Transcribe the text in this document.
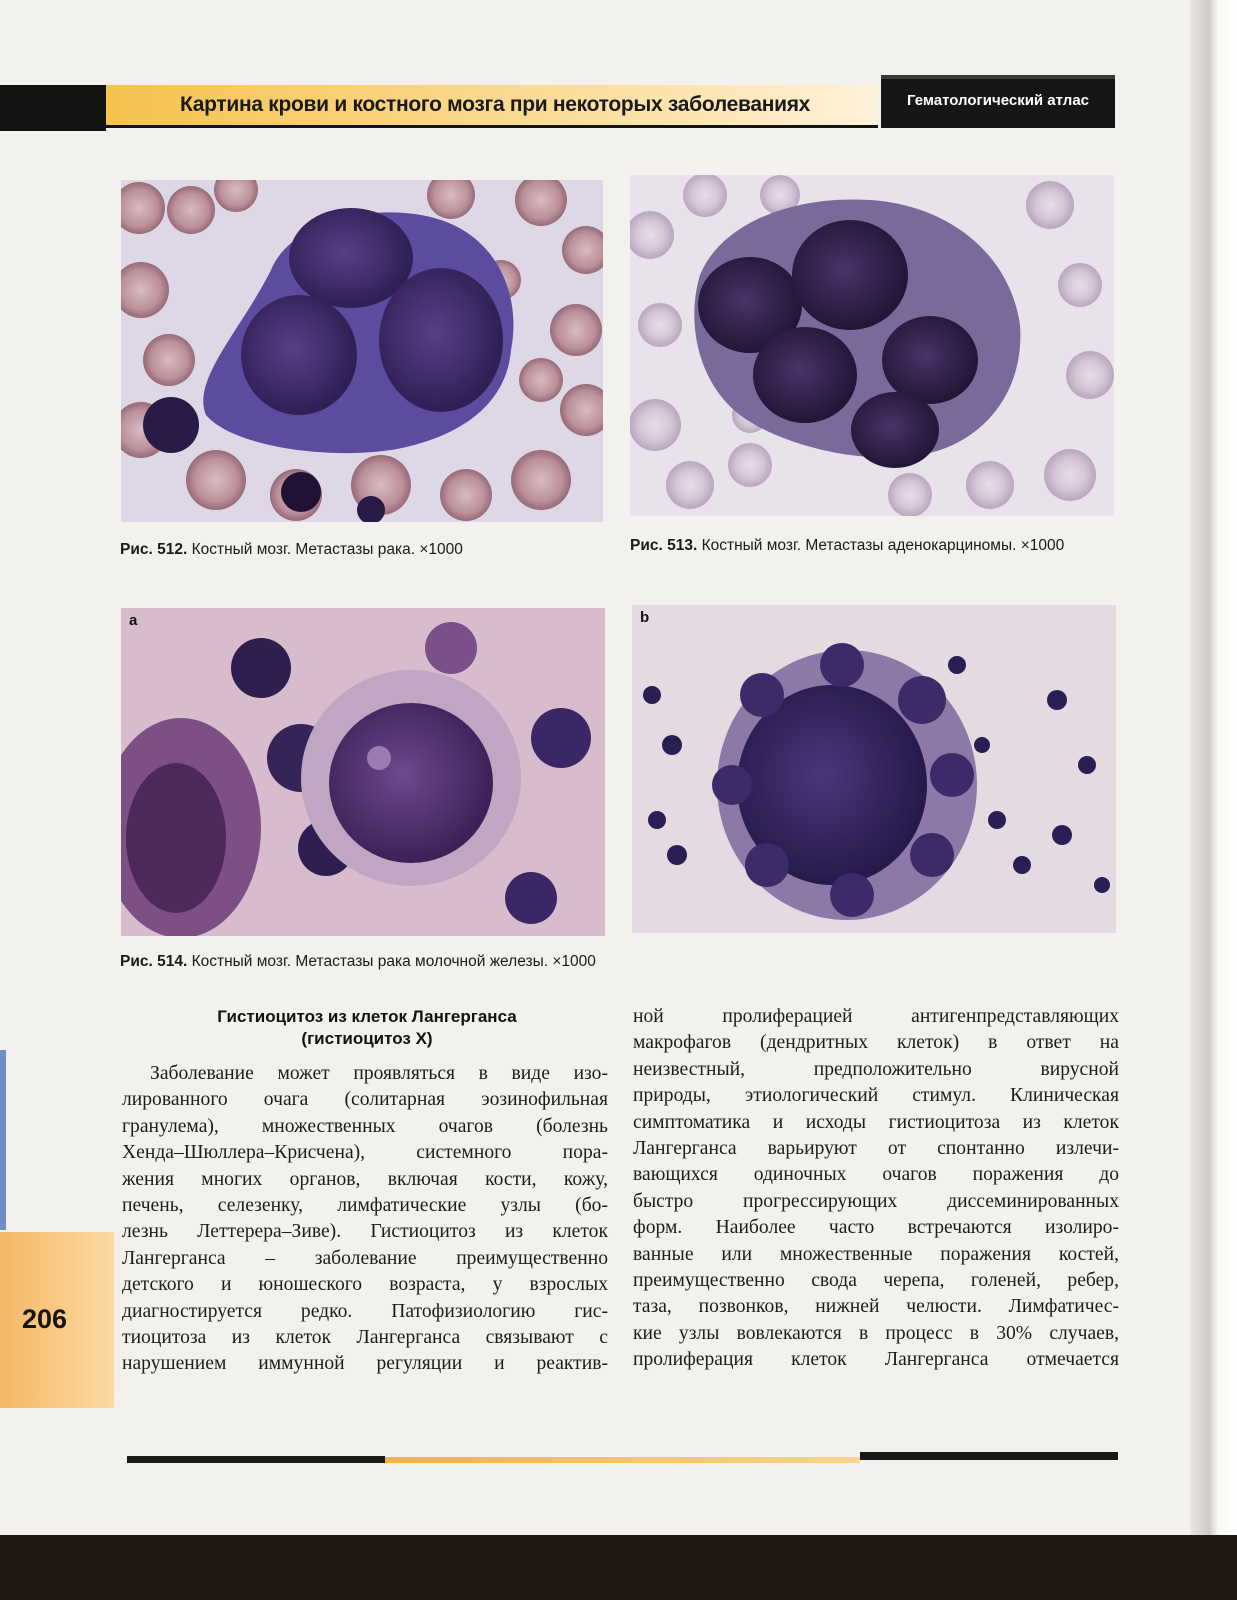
Картина крови и костного мозга при некоторых заболеваниях	Гематологический атлас
Рис. 512. Костный мозг. Метастазы рака. ×1000	Рис. 513. Костный мозг. Метастазы аденокарциномы. ×1000
a	b
Рис. 514. Костный мозг. Метастазы рака молочной железы. ×1000
Гистиоцитоз из клеток Лангерганса
(гистиоцитоз Х)
Заболевание может проявляться в виде изо-
лированного очага (солитарная эозинофильная
гранулема), множественных очагов (болезнь
Хенда–Шюллера–Крисчена), системного пора-
жения многих органов, включая кости, кожу,
печень, селезенку, лимфатические узлы (бо-
лезнь Леттерера–Зиве). Гистиоцитоз из клеток
Лангерганса – заболевание преимущественно
детского и юношеского возраста, у взрослых
диагностируется редко. Патофизиологию гис-
тиоцитоза из клеток Лангерганса связывают с
нарушением иммунной регуляции и реактив-
ной пролиферацией антигенпредставляющих
макрофагов (дендритных клеток) в ответ на
неизвестный, предположительно вирусной
природы, этиологический стимул. Клиническая
симптоматика и исходы гистиоцитоза из клеток
Лангерганса варьируют от спонтанно излечи-
вающихся одиночных очагов поражения до
быстро прогрессирующих диссеминированных
форм. Наиболее часто встречаются изолиро-
ванные или множественные поражения костей,
преимущественно свода черепа, голеней, ребер,
таза, позвонков, нижней челюсти. Лимфатичес-
кие узлы вовлекаются в процесс в 30% случаев,
пролиферация клеток Лангерганса отмечается
206
